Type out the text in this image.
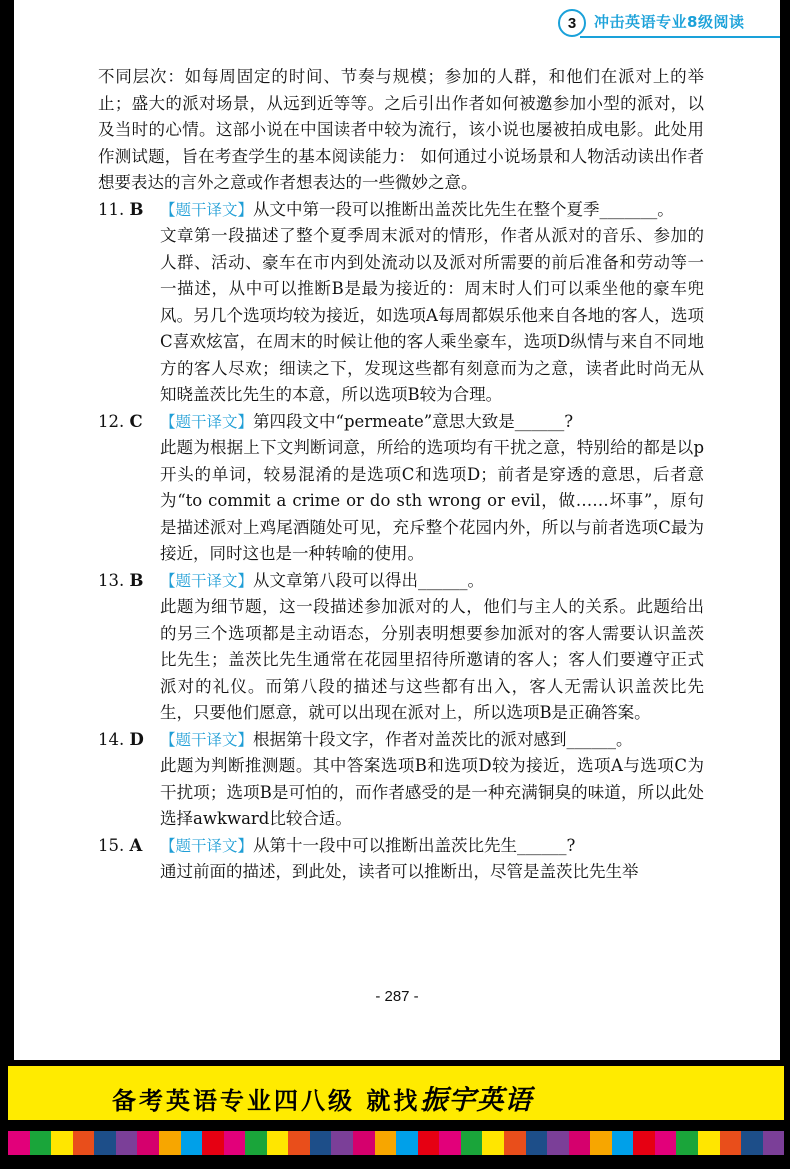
3	冲击英语专业8级阅读

不同层次：如每周固定的时间、节奏与规模；参加的人群，和他们在派对上的举止；盛大的派对场景，从远到近等等。之后引出作者如何被邀参加小型的派对，以及当时的心情。这部小说在中国读者中较为流行，该小说也屡被拍成电影。此处用作测试题，旨在考查学生的基本阅读能力： 如何通过小说场景和人物活动读出作者想要表达的言外之意或作者想表达的一些微妙之意。

11. B	【题干译文】从文中第一段可以推断出盖茨比先生在整个夏季_______。

文章第一段描述了整个夏季周末派对的情形，作者从派对的音乐、参加的人群、活动、豪车在市内到处流动以及派对所需要的前后准备和劳动等一一描述，从中可以推断B是最为接近的：周末时人们可以乘坐他的豪车兜风。另几个选项均较为接近，如选项A每周都娱乐他来自各地的客人，选项C喜欢炫富，在周末的时候让他的客人乘坐豪车，选项D纵情与来自不同地方的客人尽欢；细读之下，发现这些都有刻意而为之意，读者此时尚无从知晓盖茨比先生的本意，所以选项B较为合理。

12. C	【题干译文】第四段文中“permeate”意思大致是______?

此题为根据上下文判断词意，所给的选项均有干扰之意，特别给的都是以p开头的单词，较易混淆的是选项C和选项D；前者是穿透的意思，后者意为“to commit a crime or do sth wrong or evil，做……坏事”，原句是描述派对上鸡尾酒随处可见，充斥整个花园内外，所以与前者选项C最为接近，同时这也是一种转喻的使用。

13. B	【题干译文】从文章第八段可以得出______。

此题为细节题，这一段描述参加派对的人，他们与主人的关系。此题给出的另三个选项都是主动语态，分别表明想要参加派对的客人需要认识盖茨比先生；盖茨比先生通常在花园里招待所邀请的客人；客人们要遵守正式派对的礼仪。而第八段的描述与这些都有出入，客人无需认识盖茨比先生，只要他们愿意，就可以出现在派对上，所以选项B是正确答案。

14. D	【题干译文】根据第十段文字，作者对盖茨比的派对感到______。

此题为判断推测题。其中答案选项B和选项D较为接近，选项A与选项C为干扰项；选项B是可怕的，而作者感受的是一种充满铜臭的味道，所以此处选择awkward比较合适。

15. A	【题干译文】从第十一段中可以推断出盖茨比先生______?

通过前面的描述，到此处，读者可以推断出，尽管是盖茨比先生举

- 287 -
备考英语专业四八级 就找振宇英语
